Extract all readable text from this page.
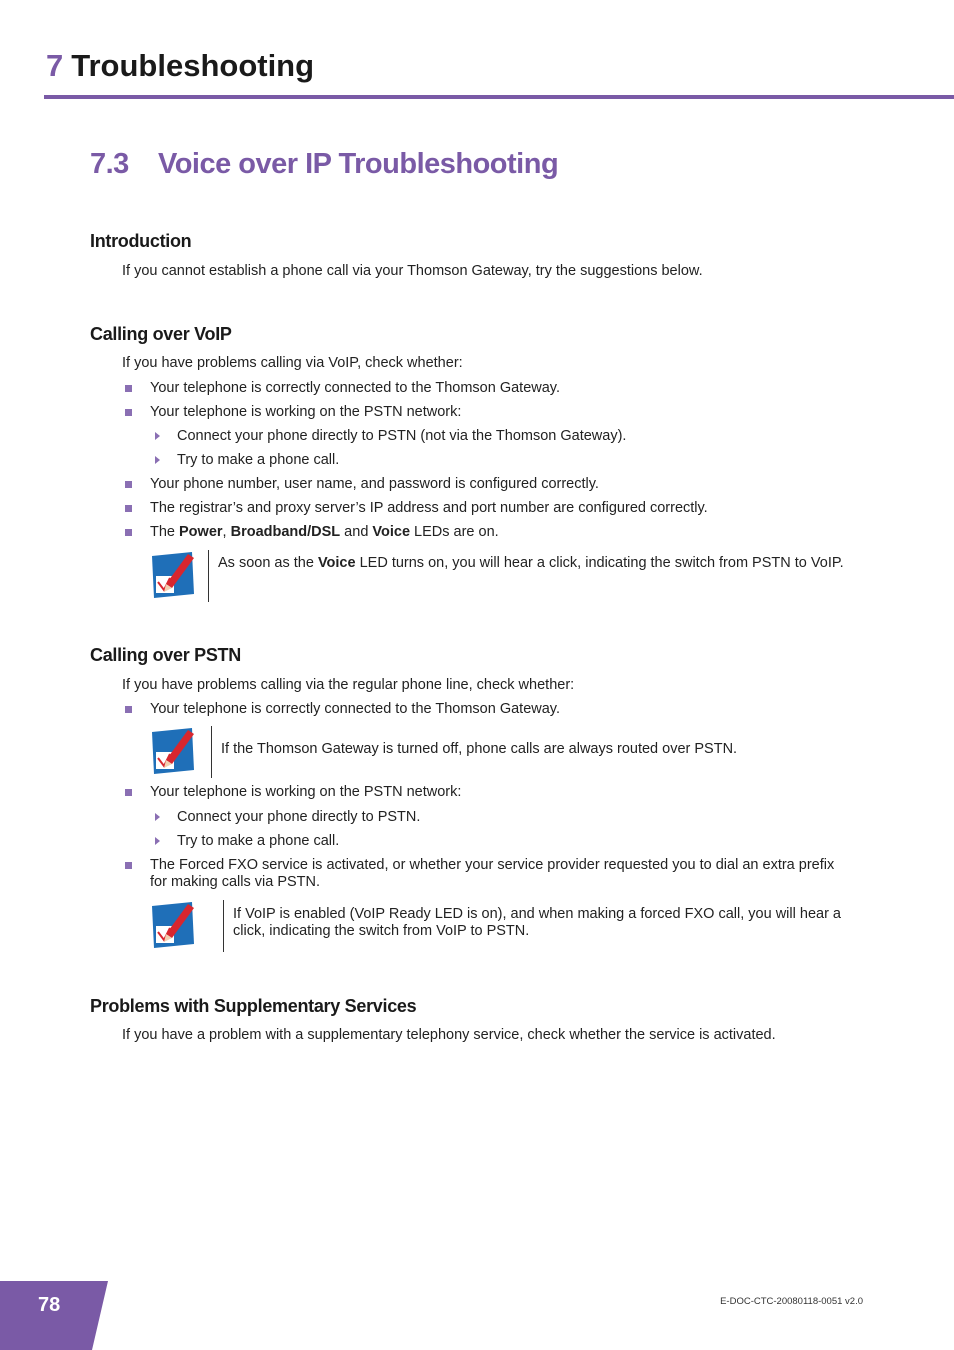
7 Troubleshooting
7.3 Voice over IP Troubleshooting
Introduction
If you cannot establish a phone call via your Thomson Gateway, try the suggestions below.
Calling over VoIP
If you have problems calling via VoIP, check whether:
Your telephone is correctly connected to the Thomson Gateway.
Your telephone is working on the PSTN network:
Connect your phone directly to PSTN (not via the Thomson Gateway).
Try to make a phone call.
Your phone number, user name, and password is configured correctly.
The registrar’s and proxy server’s IP address and port number are configured correctly.
The Power, Broadband/DSL and Voice LEDs are on.
As soon as the Voice LED turns on, you will hear a click, indicating the switch from PSTN to VoIP.
Calling over PSTN
If you have problems calling via the regular phone line, check whether:
Your telephone is correctly connected to the Thomson Gateway.
If the Thomson Gateway is turned off, phone calls are always routed over PSTN.
Your telephone is working on the PSTN network:
Connect your phone directly to PSTN.
Try to make a phone call.
The Forced FXO service is activated, or whether your service provider requested you to dial an extra prefix for making calls via PSTN.
If VoIP is enabled (VoIP Ready LED is on), and when making a forced FXO call, you will hear a click, indicating the switch from VoIP to PSTN.
Problems with Supplementary Services
If you have a problem with a supplementary telephony service, check whether the service is activated.
78	E-DOC-CTC-20080118-0051 v2.0
